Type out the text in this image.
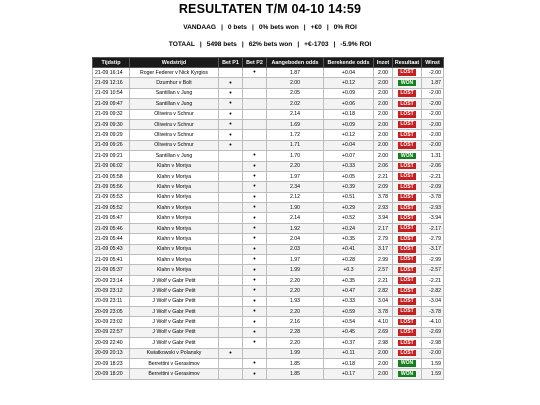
RESULTATEN T/M 04-10 14:59
VANDAAG | 0 bets | 0% bets won | +€0 | 0% ROI
TOTAAL | 5498 bets | 62% bets won | +€-1703 | -5.9% ROI
Tijdstip	Wedstrijd	Bet P1	Bet P2	Aangeboden odds	Berekende odds	Inzet	Resultaat	Winst
21-09 16:14	Roger Federer v Nick Kyrgios		•	1.87	+0.04	2.00	LOST	-2.00
21-09 12:16	Dzumhur v Bolt	•		2.00	+0.12	2.00	WON	1.87
21-09 10:54	Santillan v Jung	•		2.05	+0.09	2.00	LOST	-2.00
21-09 09:47	Santillan v Jung	•		2.02	+0.06	2.00	LOST	-2.00
21-09 09:32	Oliveira v Schnur	•		2.14	+0.18	2.00	LOST	-2.00
21-09 09:30	Oliveira v Schnur	•		1.69	+0.09	2.00	LOST	-2.00
21-09 09:29	Oliveira v Schnur	•		1.72	+0.12	2.00	LOST	-2.00
21-09 09:26	Oliveira v Schnur	•		1.71	+0.04	2.00	LOST	-2.00
21-09 09:21	Santillan v Jung		•	1.70	+0.07	2.00	WON	1.31
21-09 06:02	Klahn v Moriya		•	2.20	+0.33	2.06	LOST	-2.06
21-09 05:58	Klahn v Moriya		•	1.97	+0.05	2.21	LOST	-2.21
21-09 05:56	Klahn v Moriya		•	2.34	+0.39	2.09	LOST	-2.09
21-09 05:53	Klahn v Moriya		•	2.12	+0.51	3.78	LOST	-3.78
21-09 05:52	Klahn v Moriya		•	1.90	+0.29	2.93	LOST	-2.93
21-09 05:47	Klahn v Moriya		•	2.14	+0.52	3.94	LOST	-3.94
21-09 05:46	Klahn v Moriya		•	1.92	+0.24	2.17	LOST	-2.17
21-09 05:44	Klahn v Moriya		•	2.04	+0.35	2.79	LOST	-2.79
21-09 05:43	Klahn v Moriya		•	2.03	+0.41	3.17	LOST	-3.17
21-09 05:41	Klahn v Moriya		•	1.97	+0.28	2.99	LOST	-2.99
21-09 05:37	Klahn v Moriya		•	1.99	+0.3	2.57	LOST	-2.57
20-09 23:14	J Wolf v Gabr Petit		•	2.20	+0.35	2.21	LOST	-2.21
20-09 23:12	J Wolf v Gabr Petit		•	2.20	+0.47	2.82	LOST	-2.82
20-09 23:11	J Wolf v Gabr Petit		•	1.93	+0.33	3.04	LOST	-3.04
20-09 23:05	J Wolf v Gabr Petit		•	2.20	+0.59	3.78	LOST	-3.78
20-09 23:02	J Wolf v Gabr Petit		•	2.16	+0.54	4.10	LOST	-4.10
20-09 22:57	J Wolf v Gabr Petit		•	2.28	+0.45	2.69	LOST	-2.69
20-09 22:40	J Wolf v Gabr Petit		•	2.20	+0.37	2.98	LOST	-2.98
20-09 20:13	Kwiatkowski v Polansky	•		1.99	+0.11	2.00	LOST	-2.00
20-09 18:23	Berrettini v Gerasimov		•	1.85	+0.18	2.00	WON	1.59
20-09 18:20	Berrettini v Gerasimov		•	1.85	+0.17	2.00	WON	1.59
